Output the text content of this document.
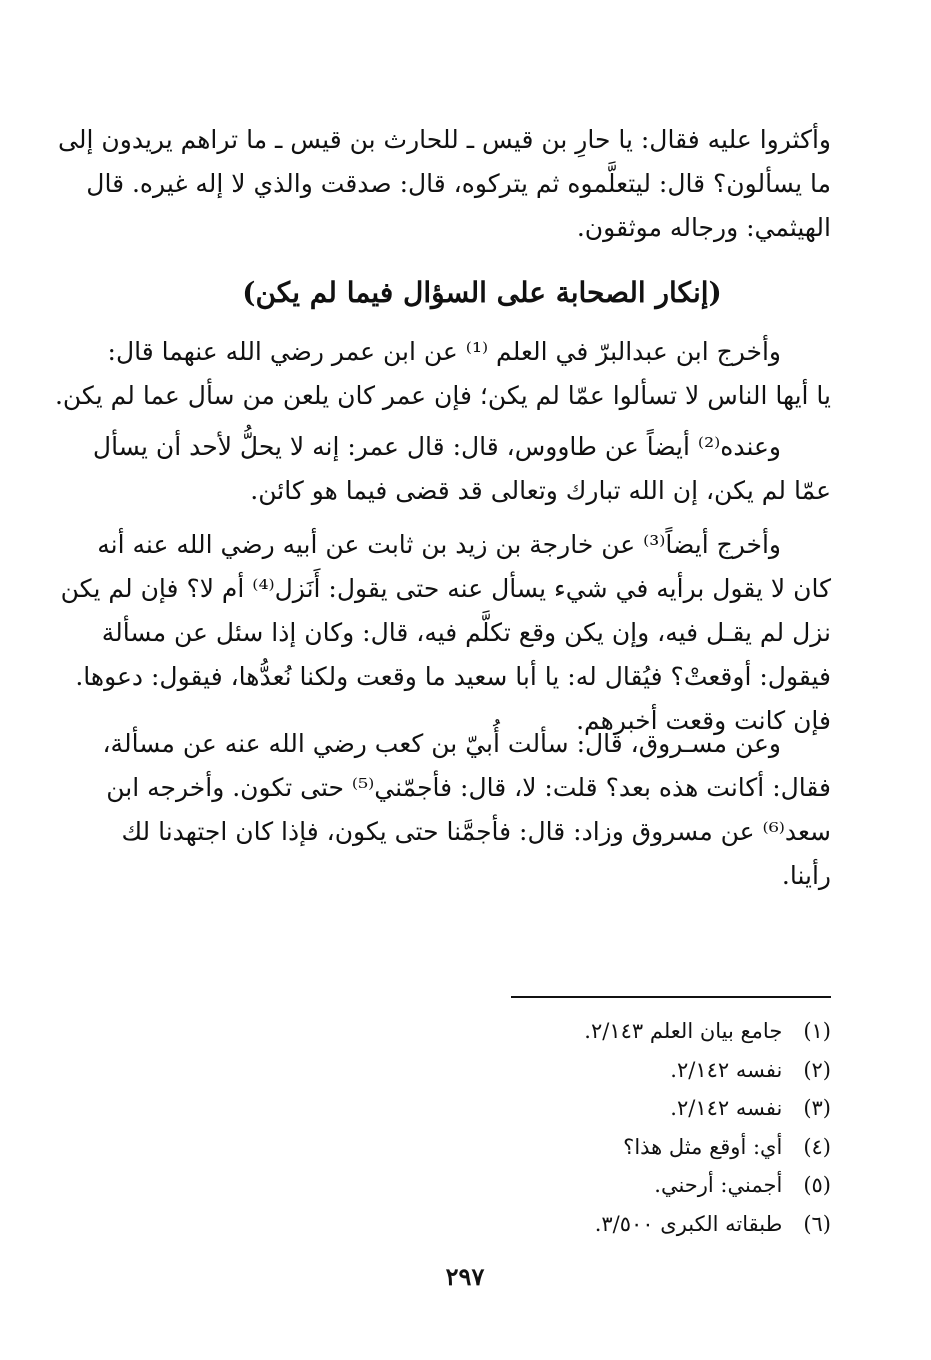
وأكثروا عليه فقال: يا حارِ بن قيس ـ للحارث بن قيس ـ ما تراهم يريدون إلى
ما يسألون؟ قال: ليتعلَّموه ثم يتركوه، قال: صدقت والذي لا إله غيره. قال
الهيثمي: ورجاله موثقون.
(إنكار الصحابة على السؤال فيما لم يكن)
وأخرج ابن عبدالبرّ في العلم ⁽¹⁾ عن ابن عمر رضي الله عنهما قال:
يا أيها الناس لا تسألوا عمّا لم يكن؛ فإن عمر كان يلعن من سأل عما لم يكن.
وعنده⁽²⁾ أيضاً عن طاووس، قال: قال عمر: إنه لا يحلُّ لأحد أن يسأل
عمّا لم يكن، إن الله تبارك وتعالى قد قضى فيما هو كائن.
وأخرج أيضاً⁽³⁾ عن خارجة بن زيد بن ثابت عن أبيه رضي الله عنه أنه
كان لا يقول برأيه في شيء يسأل عنه حتى يقول: أَنَزل⁽⁴⁾ أم لا؟ فإن لم يكن
نزل لم يقـل فيه، وإن يكن وقع تكلَّم فيه، قال: وكان إذا سئل عن مسألة
فيقول: أوقعتْ؟ فيُقال له: يا أبا سعيد ما وقعت ولكنا نُعدُّها، فيقول: دعوها.
فإن كانت وقعت أخبرهم.
وعن مسـروق، قال: سألت أُبيّ بن كعب رضي الله عنه عن مسألة،
فقال: أكانت هذه بعد؟ قلت: لا، قال: فأجمّني⁽⁵⁾ حتى تكون. وأخرجه ابن
سعد⁽⁶⁾ عن مسروق وزاد: قال: فأجمَّنا حتى يكون، فإذا كان اجتهدنا لك
رأينا.
(١) جامع بيان العلم ٢/١٤٣.
(٢) نفسه ٢/١٤٢.
(٣) نفسه ٢/١٤٢.
(٤) أي: أوقع مثل هذا؟
(٥) أجمني: أرحني.
(٦) طبقاته الكبرى ٣/٥٠٠.
٢٩٧
